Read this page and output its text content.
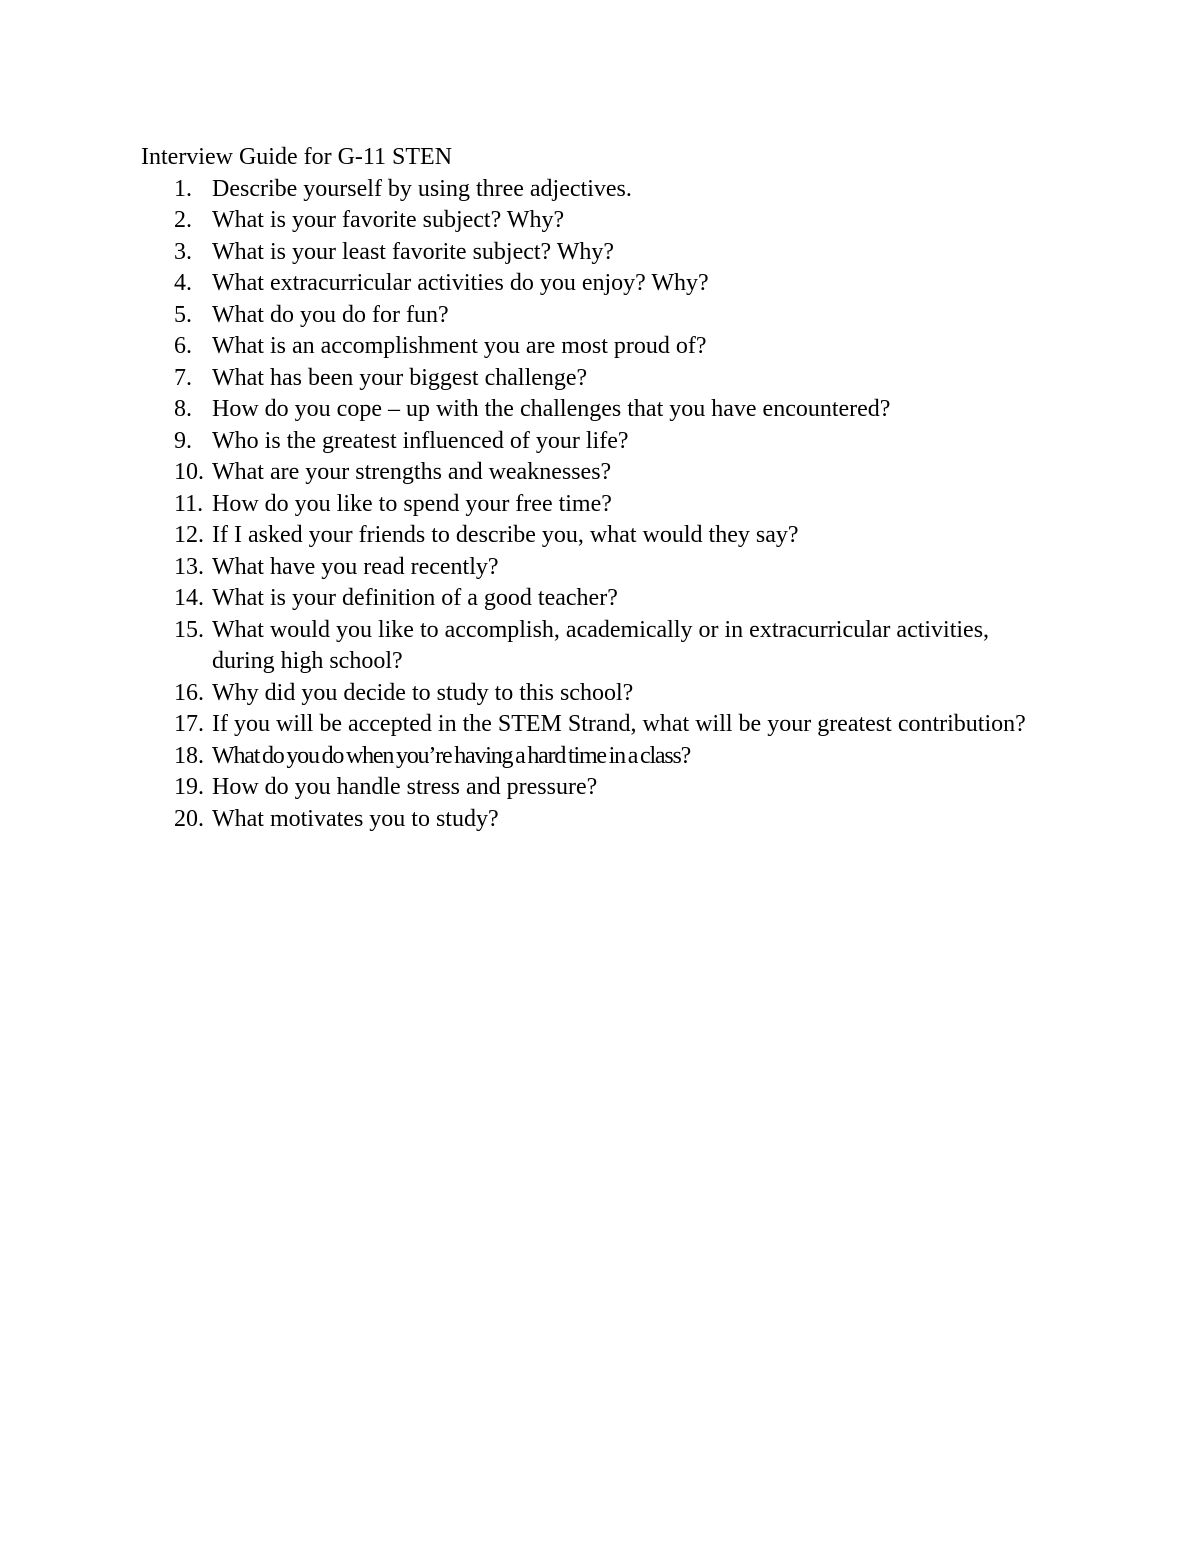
Interview Guide for G-11 STEN
1. Describe yourself by using three adjectives.
2. What is your favorite subject? Why?
3. What is your least favorite subject? Why?
4. What extracurricular activities do you enjoy? Why?
5. What do you do for fun?
6. What is an accomplishment you are most proud of?
7. What has been your biggest challenge?
8. How do you cope – up with the challenges that you have encountered?
9. Who is the greatest influenced of your life?
10. What are your strengths and weaknesses?
11. How do you like to spend your free time?
12. If I asked your friends to describe you, what would they say?
13. What have you read recently?
14. What is your definition of a good teacher?
15. What would you like to accomplish, academically or in extracurricular activities, during high school?
16. Why did you decide to study to this school?
17. If you will be accepted in the STEM Strand, what will be your greatest contribution?
18. What do you do when you’re having a hard time in a class?
19. How do you handle stress and pressure?
20. What motivates you to study?
